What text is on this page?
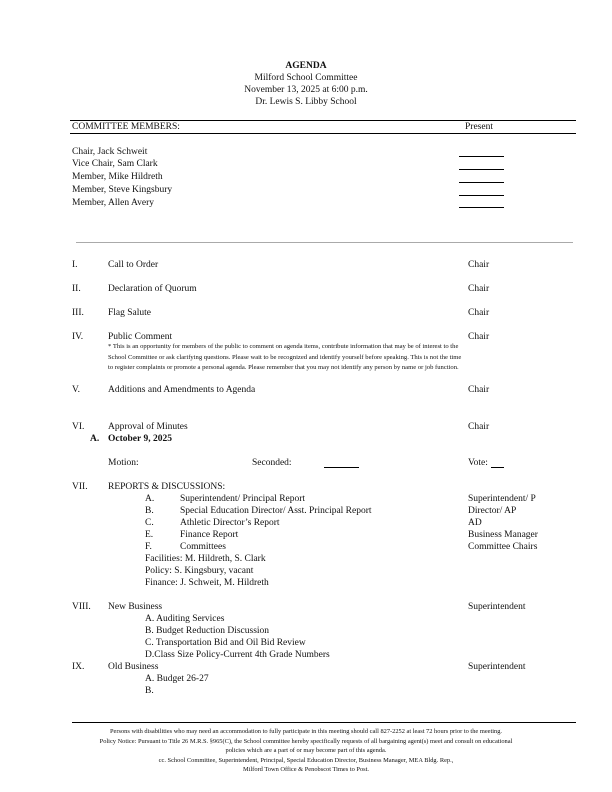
AGENDA
Milford School Committee
November 13, 2025 at 6:00 p.m.
Dr. Lewis S. Libby School
COMMITTEE MEMBERS:	Present
Chair, Jack Schweit
Vice Chair, Sam Clark
Member, Mike Hildreth
Member, Steve Kingsbury
Member, Allen Avery
I.	Call to Order	Chair
II.	Declaration of Quorum	Chair
III.	Flag Salute	Chair
IV.	Public Comment	Chair
* This is an opportunity for members of the public to comment on agenda items, contribute information that may be of interest to the
School Committee or ask clarifying questions. Please wait to be recognized and identify yourself before speaking. This is not the time
to register complaints or promote a personal agenda. Please remember that you may not identify any person by name or job function.
V.	Additions and Amendments to Agenda	Chair
VI. Approval of Minutes	Chair
A. October 9, 2025
Motion:	Seconded:	Vote:
VII. REPORTS & DISCUSSIONS:
A.	Superintendent/ Principal Report	Superintendent/ P
B.	Special Education Director/ Asst. Principal Report	Director/ AP
C.	Athletic Director’s Report	AD
E.	Finance Report	Business Manager
F.	Committees	Committee Chairs
Facilities: M. Hildreth, S. Clark
Policy: S. Kingsbury, vacant
Finance: J. Schweit, M. Hildreth
VIII. New Business	Superintendent
A. Auditing Services
B. Budget Reduction Discussion
C. Transportation Bid and Oil Bid Review
D.Class Size Policy-Current 4th Grade Numbers
IX. Old Business	Superintendent
A. Budget 26-27
B.
Persons with disabilities who may need an accommodation to fully participate in this meeting should call 827-2252 at least 72 hours prior to the meeting.
Policy Notice: Pursuant to Title 26 M.R.S. §965(C), the School committee hereby specifically requests of all bargaining agent(s) meet and consult on educational
policies which are a part of or may become part of this agenda.
cc. School Committee, Superintendent, Principal, Special Education Director, Business Manager, MEA Bldg. Rep.,
Milford Town Office & Penobscot Times to Post.
